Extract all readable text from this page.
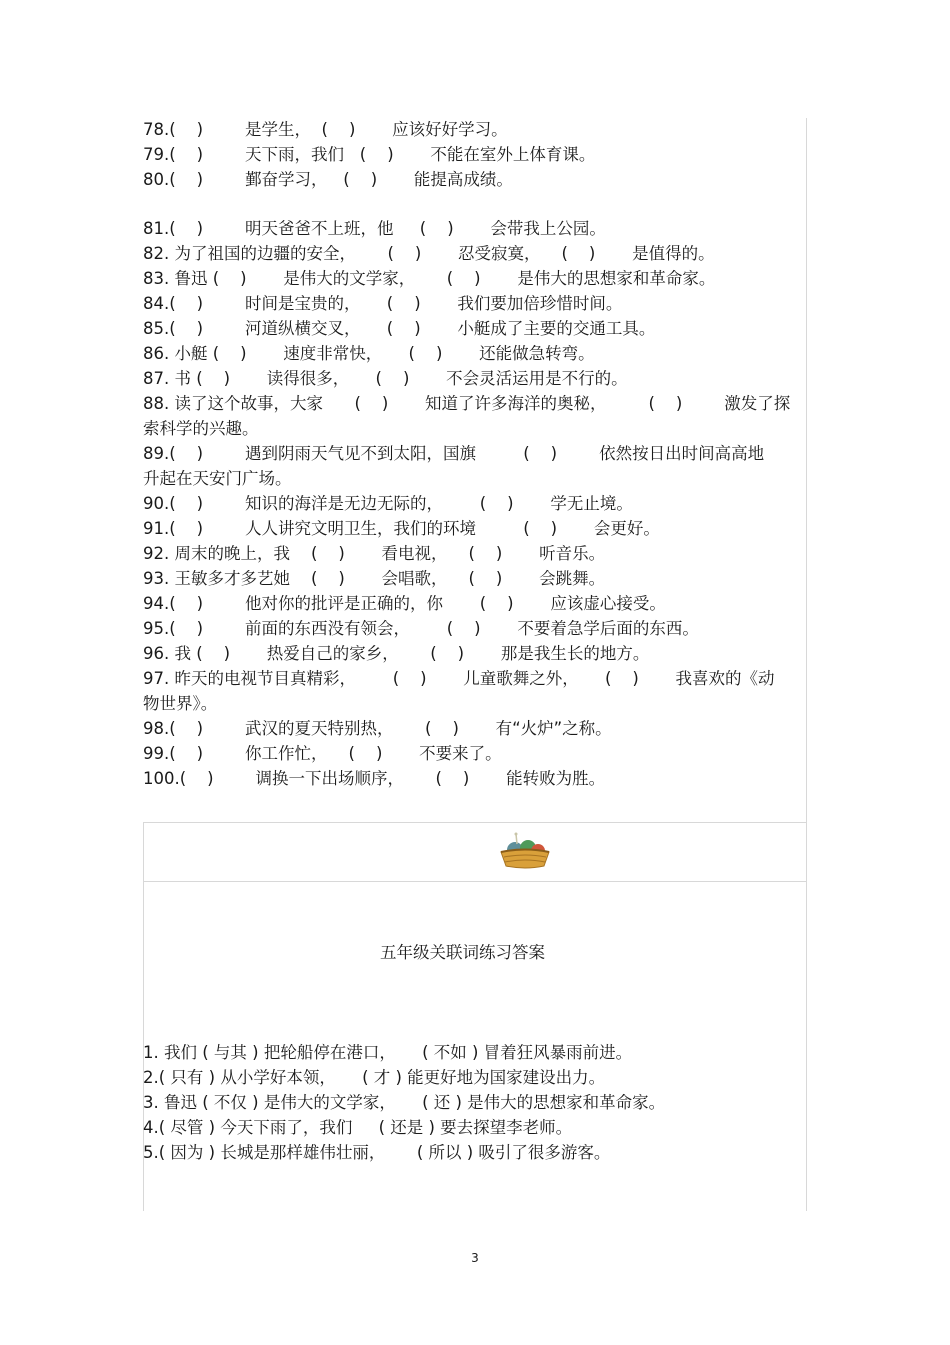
78.(    )        是学生，  (    )       应该好好学习。
79.(    )        天下雨，我们   (    )       不能在室外上体育课。
80.(    )        鄞奋学习，   (    )       能提高成绩。
81.(    )        明天爸爸不上班，他     (    )       会带我上公园。
82. 为了祖国的边疆的安全，      (    )       忍受寂寞，    (    )       是值得的。
83. 鲁迅 (    )       是伟大的文学家，      (    )       是伟大的思想家和革命家。
84.(    )        时间是宝贵的，     (    )       我们要加倍珍惜时间。
85.(    )        河道纵横交叉，     (    )       小艇成了主要的交通工具。
86. 小艇 (    )       速度非常快，     (    )       还能做急转弯。
87. 书 (    )       读得很多，     (    )       不会灵活运用是不行的。
88. 读了这个故事，大家      (    )       知道了许多海洋的奥秘，        (    )        激发了探
索科学的兴趣。
89.(    )        遇到阴雨天气见不到太阳，国旗         (    )        依然按日出时间高高地
升起在天安门广场。
90.(    )        知识的海洋是无边无际的，       (    )       学无止境。
91.(    )        人人讲究文明卫生，我们的环境         (    )       会更好。
92. 周末的晚上，我    (    )       看电视，    (    )       听音乐。
93. 王敏多才多艺她    (    )       会唱歌，    (    )       会跳舞。
94.(    )        他对你的批评是正确的，你       (    )       应该虚心接受。
95.(    )        前面的东西没有领会，       (    )       不要着急学后面的东西。
96. 我 (    )       热爱自己的家乡，      (    )       那是我生长的地方。
97. 昨天的电视节目真精彩，       (    )       儿童歌舞之外，     (    )       我喜欢的《动
物世界》。
98.(    )        武汉的夏天特别热，      (    )       有“火炉”之称。
99.(    )        你工作忙，    (    )       不要来了。
100.(    )        调换一下出场顺序，      (    )       能转败为胜。
五年级关联词练习答案
1. 我们 ( 与其 ) 把轮船停在港口，     ( 不如 ) 冒着狂风暴雨前进。
2.( 只有 ) 从小学好本领，     ( 才 ) 能更好地为国家建设出力。
3. 鲁迅 ( 不仅 ) 是伟大的文学家，     ( 还 ) 是伟大的思想家和革命家。
4.( 尽管 ) 今天下雨了，我们     ( 还是 ) 要去探望李老师。
5.( 因为 ) 长城是那样雄伟壮丽，      ( 所以 ) 吸引了很多游客。
3
